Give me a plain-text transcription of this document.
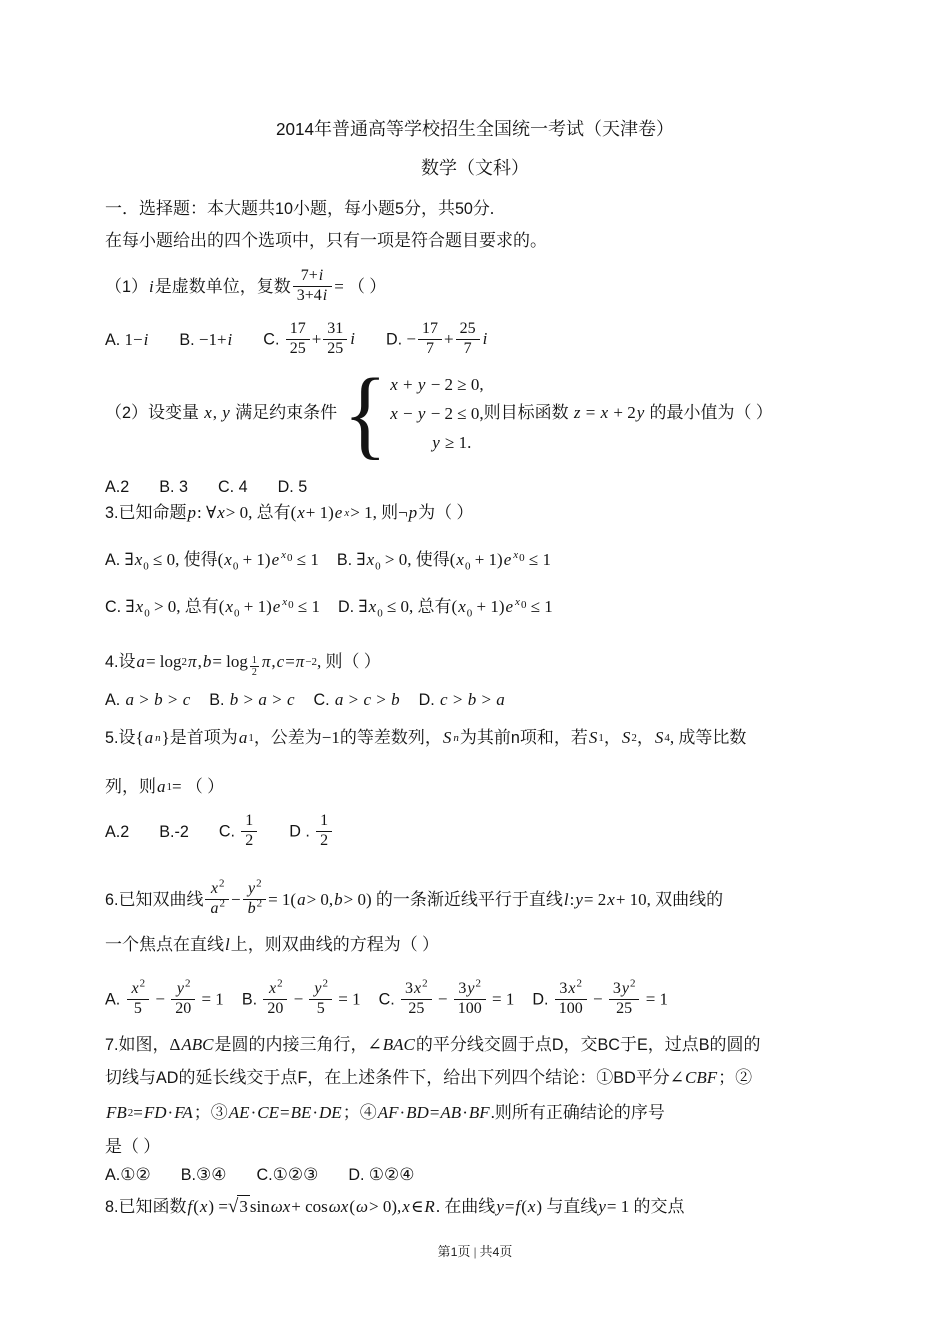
2014 年普通高等学校招生全国统一考试（天津卷）
数学（文科）
一．选择题：本大题共 10 小题，每小题 5 分，共 50 分.
在每小题给出的四个选项中，只有一项是符合题目要求的。
（ 1 ） i 是虚数单位，复数
7+i
3+4i = （ ）
A. 1−i B. −1+i C. $\frac{17}{25} + \frac{31}{25}$ i D. − $\frac{17}{7} + \frac{25}{7}$ i
（2）设变量 x, y 满足约束条件 { x + y − 2 ≥ 0,
x − y − 2 ≤ 0,
y ≥ 1.
则目标函数 z = x + 2y 的最小值为（ ）
A.2 B. 3 C. 4 D. 5
3. 已知命题 p : ∀ x > 0, 总有( x + 1) e x > 1, 则¬ p 为（ ）
A. $\exists x_0 \le 0$, 使得$(x_0 + 1)e$ $^{x_0}$ ≤ 1 B. $\exists x_0 > 0$, 使得$(x_0 + 1)e$ $^{x_0}$ ≤ 1
C. $\exists x_0 > 0$, 总有$(x_0 + 1)e$ $^{x_0}$ ≤ 1 D. $\exists x_0 \le 0$, 总有$(x_0 + 1)e$ $^{x_0}$ ≤ 1
4. 设 a = log 2 π , $b = \log \frac{1}{2}$ π , c = π −2 , 则（ ）
A. a > b > c B. b > a > c C. a > c > b D. c > b > a
5. 设{ a n }是首项为 a 1 ，公差为−1的等差数列， S n 为其前 n 项和，若 S 1 ， S 2 ， S 4 , 成等比数
列，则 a 1 = （ ）
A.2 B.-2 C. $\frac{1}{2}$ D . $\frac{1}{2}$
6. 已知双曲线
$x^2$
$a^2$ −
$y^2$
$b^2 = 1$( a > 0, b > 0) 的一条渐近线平行于直线 l : y = 2 x + 10, 双曲线的
一个焦点在直线 l 上，则双曲线的方程为（ ）
A. $\frac{x^2}{5} - \frac{y^2}{20} = 1$ B. $\frac{x^2}{20} - \frac{y^2}{5} = 1$ C. $\frac{3x^2}{25} - \frac{3y^2}{100} = 1$ D. $\frac{3x^2}{100} - \frac{3y^2}{25} = 1$
7. 如图，Δ ABC 是圆的内接三角行，∠ BAC 的平分线交圆于点 D ，交 BC 于 E ，过点 B 的圆的
切线与 AD 的延长线交于点 F ，在上述条件下，给出下列四个结论：① BD 平分∠ CBF ；②
FB 2 = FD · FA ；③ AE · CE = BE · DE ；④ AF · BD = AB · BF .则所有正确结论的序号
是（ ）
A.①② B.③④ C.①②③ D. ①②④
8. 已知函数 f ( x ) = √ 3 sin ωx + cos ωx ( ω > 0), x ∈ R . 在曲线 y = f ( x ) 与直线 y = 1 的交点
第 1 页 | 共 4 页
